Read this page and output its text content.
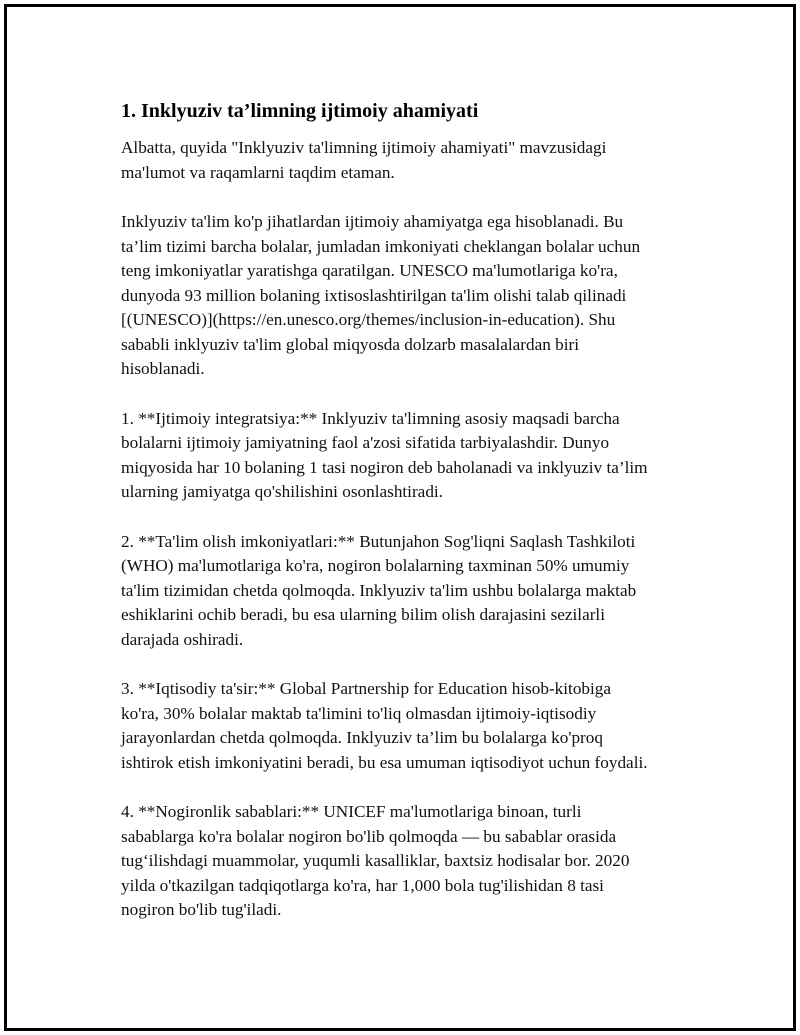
1. Inklyuziv ta’limning ijtimoiy ahamiyati

Albatta, quyida "Inklyuziv ta'limning ijtimoiy ahamiyati" mavzusidagi
ma'lumot va raqamlarni taqdim etaman.

Inklyuziv ta'lim ko'p jihatlardan ijtimoiy ahamiyatga ega hisoblanadi. Bu
ta’lim tizimi barcha bolalar, jumladan imkoniyati cheklangan bolalar uchun
teng imkoniyatlar yaratishga qaratilgan. UNESCO ma'lumotlariga ko'ra,
dunyoda 93 million bolaning ixtisoslashtirilgan ta'lim olishi talab qilinadi
[(UNESCO)](https://en.unesco.org/themes/inclusion-in-education). Shu
sababli inklyuziv ta'lim global miqyosda dolzarb masalalardan biri
hisoblanadi.

1. **Ijtimoiy integratsiya:** Inklyuziv ta'limning asosiy maqsadi barcha
bolalarni ijtimoiy jamiyatning faol a'zosi sifatida tarbiyalashdir. Dunyo
miqyosida har 10 bolaning 1 tasi nogiron deb baholanadi va inklyuziv ta’lim
ularning jamiyatga qo'shilishini osonlashtiradi.

2. **Ta'lim olish imkoniyatlari:** Butunjahon Sog'liqni Saqlash Tashkiloti
(WHO) ma'lumotlariga ko'ra, nogiron bolalarning taxminan 50% umumiy
ta'lim tizimidan chetda qolmoqda. Inklyuziv ta'lim ushbu bolalarga maktab
eshiklarini ochib beradi, bu esa ularning bilim olish darajasini sezilarli
darajada oshiradi.

3. **Iqtisodiy ta'sir:** Global Partnership for Education hisob-kitobiga
ko'ra, 30% bolalar maktab ta'limini to'liq olmasdan ijtimoiy-iqtisodiy
jarayonlardan chetda qolmoqda. Inklyuziv ta’lim bu bolalarga ko'proq
ishtirok etish imkoniyatini beradi, bu esa umuman iqtisodiyot uchun foydali.

4. **Nogironlik sabablari:** UNICEF ma'lumotlariga binoan, turli
sabablarga ko'ra bolalar nogiron bo'lib qolmoqda — bu sabablar orasida
tug‘ilishdagi muammolar, yuqumli kasalliklar, baxtsiz hodisalar bor. 2020
yilda o'tkazilgan tadqiqotlarga ko'ra, har 1,000 bola tug'ilishidan 8 tasi
nogiron bo'lib tug'iladi.
